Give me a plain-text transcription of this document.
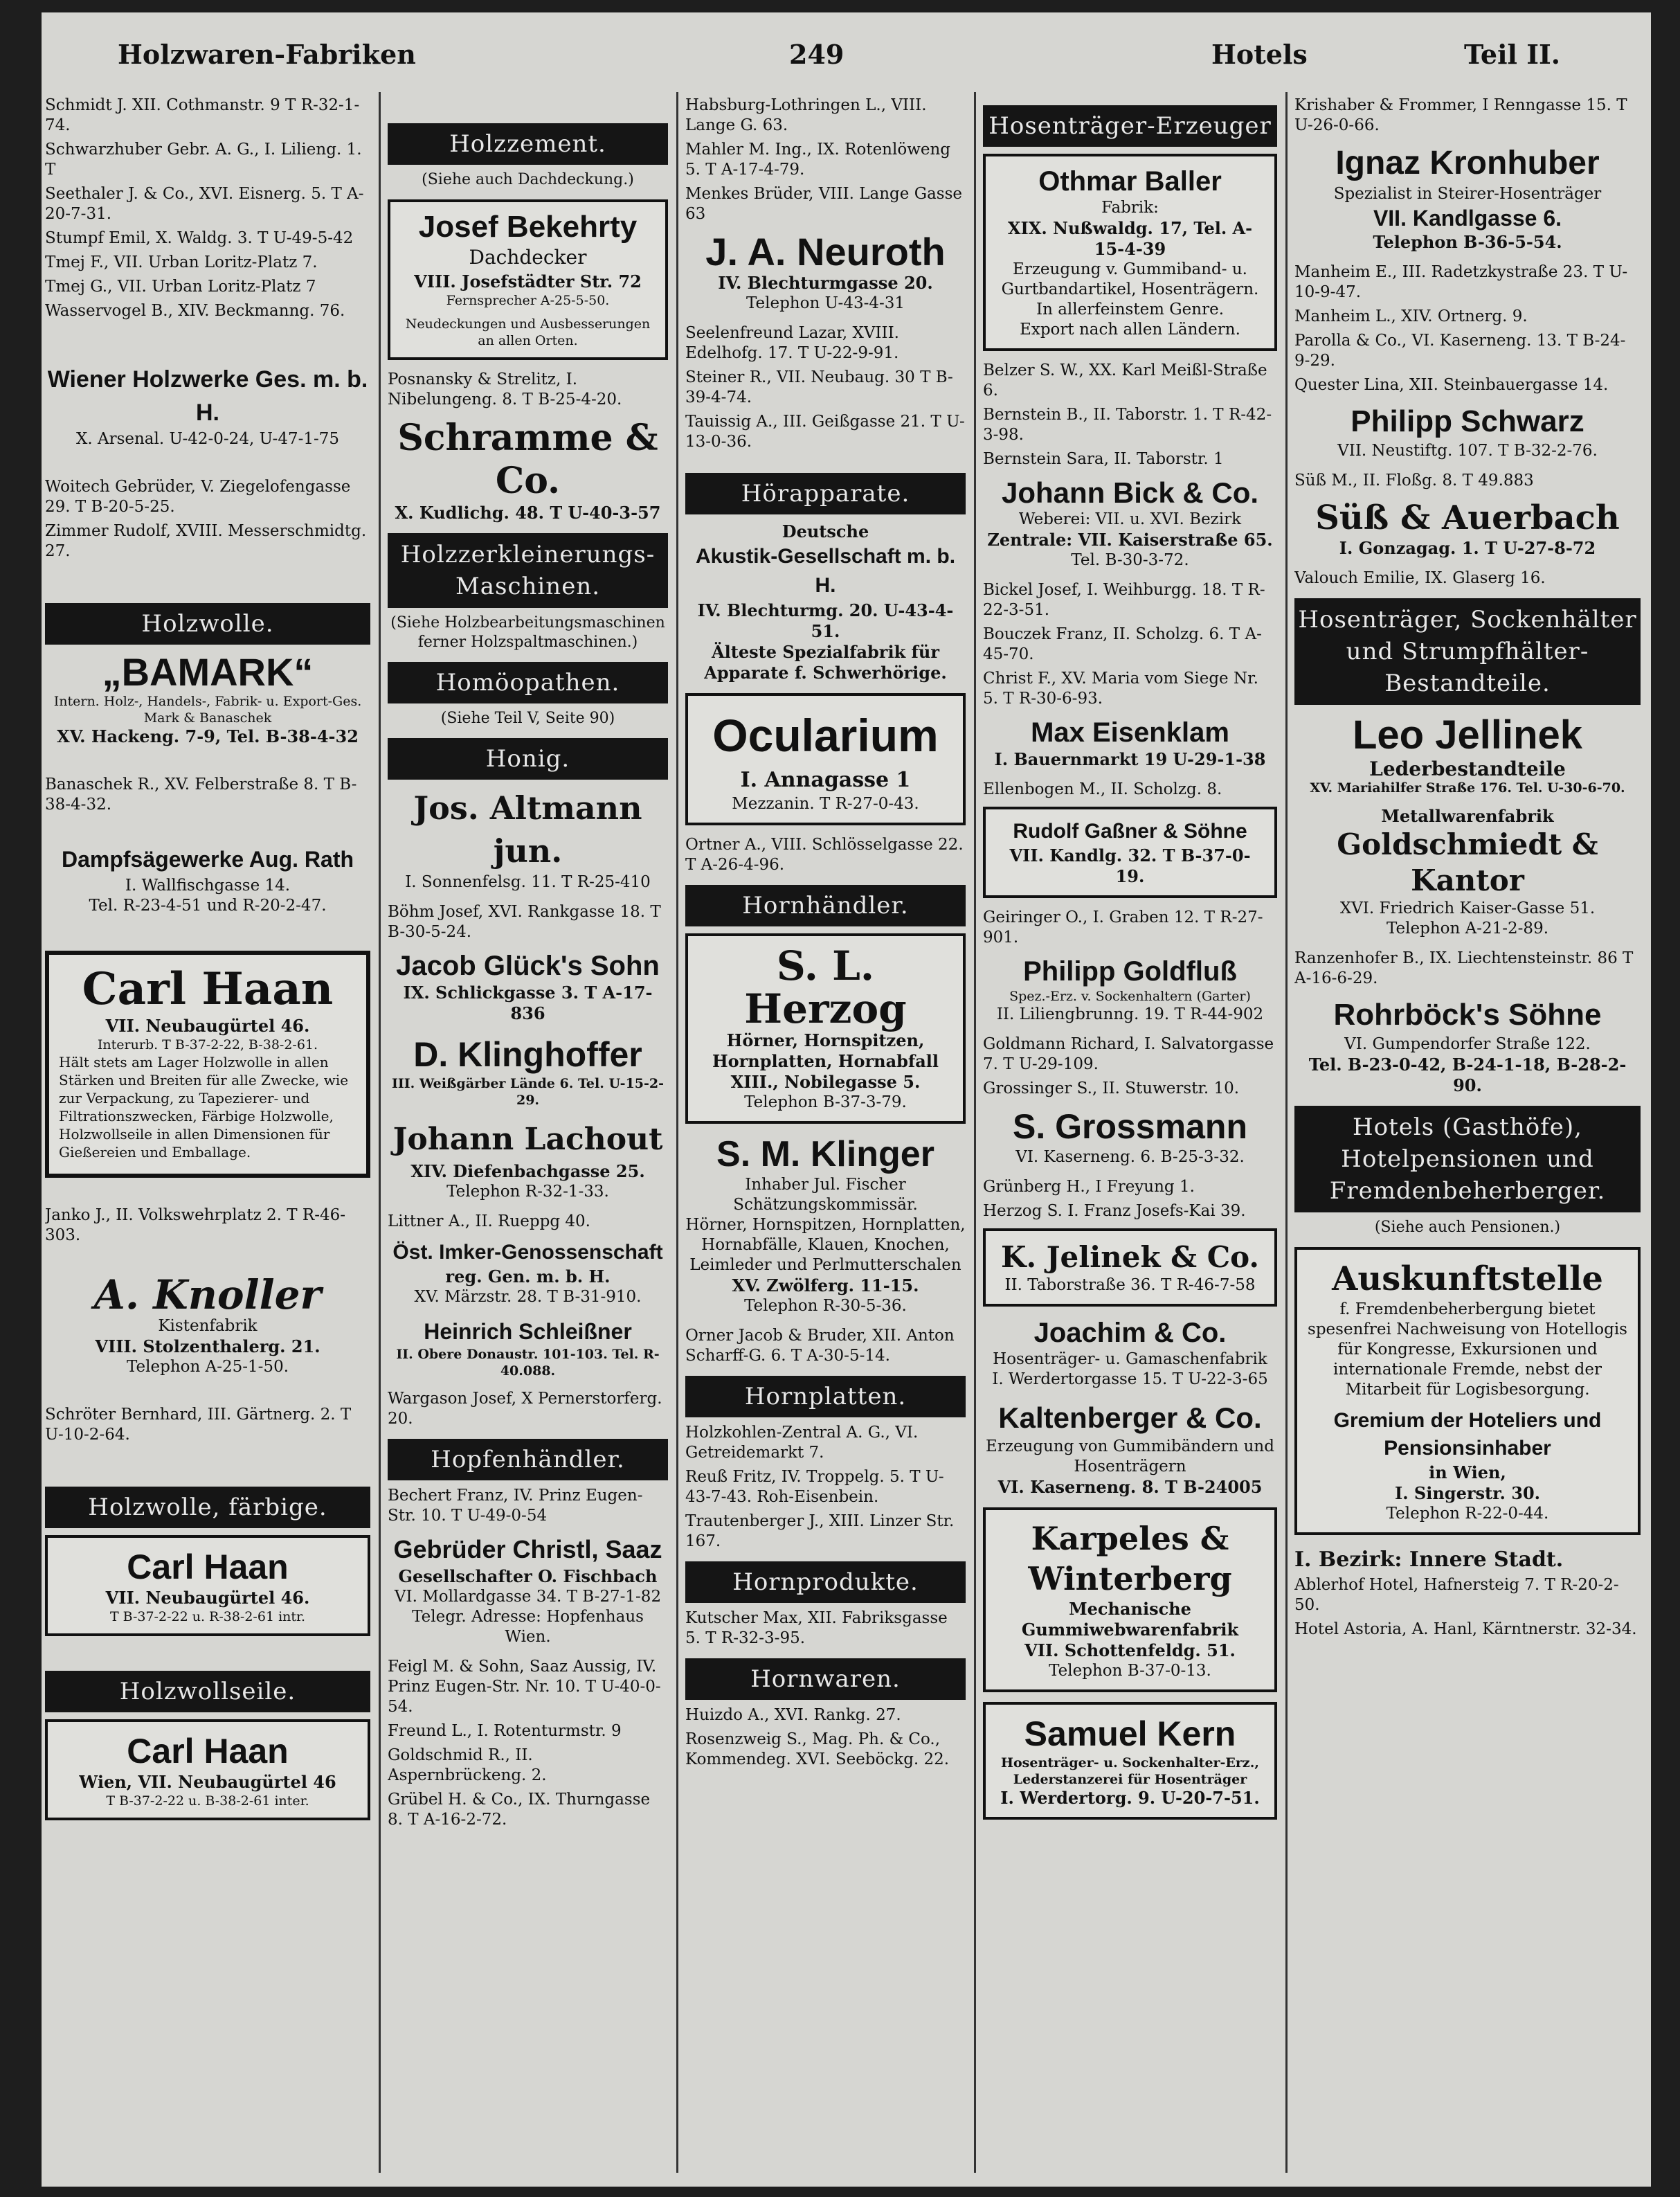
Holzwaren-Fabriken	249	Hotels	Teil II.
Schmidt J. XII. Cothmanstr. 9 T R-32-1-74.
Schwarzhuber Gebr. A. G., I. Lilieng. 1. T
Seethaler J. & Co., XVI. Eisnerg. 5. T A-20-7-31.
Stumpf Emil, X. Waldg. 3. T U-49-5-42
Tmej F., VII. Urban Loritz-Platz 7.
Tmej G., VII. Urban Loritz-Platz 7
Wasservogel B., XIV. Beckmanng. 76.
Wiener Holzwerke Ges. m. b. H.
X. Arsenal. U-42-0-24, U-47-1-75
Woitech Gebrüder, V. Ziegelofengasse 29. T B-20-5-25.
Zimmer Rudolf, XVIII. Messerschmidtg. 27.
Holzwolle.
„BAMARK“
Intern. Holz-, Handels-, Fabrik- u. Export-Ges. Mark & Banaschek
XV. Hackeng. 7-9, Tel. B-38-4-32
Banaschek R., XV. Felberstraße 8. T B-38-4-32.
Dampfsägewerke Aug. Rath
I. Wallfischgasse 14.
Tel. R-23-4-51 und R-20-2-47.
Carl Haan
VII. Neubaugürtel 46.
Interurb. T B-37-2-22, B-38-2-61.
Hält stets am Lager Holzwolle in allen Stärken und Breiten für alle Zwecke, wie zur Verpackung, zu Tapezierer- und Filtrationszwecken, Färbige Holzwolle, Holzwollseile in allen Dimensionen für Gießereien und Emballage.
Janko J., II. Volkswehrplatz 2. T R-46-303.
A. Knoller
Kistenfabrik
VIII. Stolzenthalerg. 21.
Telephon A-25-1-50.
Schröter Bernhard, III. Gärtnerg. 2. T U-10-2-64.
Holzwolle, färbige.
Carl Haan
VII. Neubaugürtel 46.
T B-37-2-22 u. R-38-2-61 intr.
Holzwollseile.
Carl Haan
Wien, VII. Neubaugürtel 46
T B-37-2-22 u. B-38-2-61 inter.
Holzzement.
(Siehe auch Dachdeckung.)
Josef Bekehrty
Dachdecker
VIII. Josefstädter Str. 72
Fernsprecher A-25-5-50.
Neudeckungen und Ausbesserungen an allen Orten.
Posnansky & Strelitz, I. Nibelungeng. 8. T B-25-4-20.
Schramme & Co.
X. Kudlichg. 48. T U-40-3-57
Holzzerkleinerungs-Maschinen.
(Siehe Holzbearbeitungsmaschinen ferner Holzspaltmaschinen.)
Homöopathen.
(Siehe Teil V, Seite 90)
Honig.
Jos. Altmann jun.
I. Sonnenfelsg. 11. T R-25-410
Böhm Josef, XVI. Rankgasse 18. T B-30-5-24.
Jacob Glück's Sohn
IX. Schlickgasse 3. T A-17-836
D. Klinghoffer
III. Weißgärber Lände 6. Tel. U-15-2-29.
Johann Lachout
XIV. Diefenbachgasse 25.
Telephon R-32-1-33.
Littner A., II. Rueppg 40.
Öst. Imker-Genossenschaft
reg. Gen. m. b. H.
XV. Märzstr. 28. T B-31-910.
Heinrich Schleißner
II. Obere Donaustr. 101-103. Tel. R-40.088.
Wargason Josef, X Pernerstorferg. 20.
Hopfenhändler.
Bechert Franz, IV. Prinz Eugen-Str. 10. T U-49-0-54
Gebrüder Christl, Saaz
Gesellschafter O. Fischbach
VI. Mollardgasse 34. T B-27-1-82
Telegr. Adresse: Hopfenhaus Wien.
Feigl M. & Sohn, Saaz Aussig, IV. Prinz Eugen-Str. Nr. 10. T U-40-0-54.
Freund L., I. Rotenturmstr. 9
Goldschmid R., II. Aspernbrückeng. 2.
Grübel H. & Co., IX. Thurngasse 8. T A-16-2-72.
Habsburg-Lothringen L., VIII. Lange G. 63.
Mahler M. Ing., IX. Rotenlöweng 5. T A-17-4-79.
Menkes Brüder, VIII. Lange Gasse 63
J. A. Neuroth
IV. Blechturmgasse 20.
Telephon U-43-4-31
Seelenfreund Lazar, XVIII. Edelhofg. 17. T U-22-9-91.
Steiner R., VII. Neubaug. 30 T B-39-4-74.
Tauissig A., III. Geißgasse 21. T U-13-0-36.
Hörapparate.
Deutsche
Akustik-Gesellschaft m. b. H.
IV. Blechturmg. 20. U-43-4-51.
Älteste Spezialfabrik für Apparate f. Schwerhörige.
Ocularium
I. Annagasse 1
Mezzanin. T R-27-0-43.
Ortner A., VIII. Schlösselgasse 22. T A-26-4-96.
Hornhändler.
S. L. Herzog
Hörner, Hornspitzen, Hornplatten, Hornabfall
XIII., Nobilegasse 5.
Telephon B-37-3-79.
S. M. Klinger
Inhaber Jul. Fischer
Schätzungskommissär.
Hörner, Hornspitzen, Hornplatten, Hornabfälle, Klauen, Knochen, Leimleder und Perlmutterschalen
XV. Zwölferg. 11-15.
Telephon R-30-5-36.
Orner Jacob & Bruder, XII. Anton Scharff-G. 6. T A-30-5-14.
Hornplatten.
Holzkohlen-Zentral A. G., VI. Getreidemarkt 7.
Reuß Fritz, IV. Troppelg. 5. T U-43-7-43. Roh-Eisenbein.
Trautenberger J., XIII. Linzer Str. 167.
Hornprodukte.
Kutscher Max, XII. Fabriksgasse 5. T R-32-3-95.
Hornwaren.
Huizdo A., XVI. Rankg. 27.
Rosenzweig S., Mag. Ph. & Co., Kommendeg. XVI. Seeböckg. 22.
Hosenträger-Erzeuger
Othmar Baller
Fabrik:
XIX. Nußwaldg. 17, Tel. A-15-4-39
Erzeugung v. Gummiband- u. Gurtbandartikel, Hosenträgern. In allerfeinstem Genre.
Export nach allen Ländern.
Belzer S. W., XX. Karl Meißl-Straße 6.
Bernstein B., II. Taborstr. 1. T R-42-3-98.
Bernstein Sara, II. Taborstr. 1
Johann Bick & Co.
Weberei: VII. u. XVI. Bezirk
Zentrale: VII. Kaiserstraße 65.
Tel. B-30-3-72.
Bickel Josef, I. Weihburgg. 18. T R-22-3-51.
Bouczek Franz, II. Scholzg. 6. T A-45-70.
Christ F., XV. Maria vom Siege Nr. 5. T R-30-6-93.
Max Eisenklam
I. Bauernmarkt 19 U-29-1-38
Ellenbogen M., II. Scholzg. 8.
Rudolf Gaßner & Söhne
VII. Kandlg. 32. T B-37-0-19.
Geiringer O., I. Graben 12. T R-27-901.
Philipp Goldfluß
Spez.-Erz. v. Sockenhaltern (Garter)
II. Liliengbrunng. 19. T R-44-902
Goldmann Richard, I. Salvatorgasse 7. T U-29-109.
Grossinger S., II. Stuwerstr. 10.
S. Grossmann
VI. Kaserneng. 6. B-25-3-32.
Grünberg H., I Freyung 1.
Herzog S. I. Franz Josefs-Kai 39.
K. Jelinek & Co.
II. Taborstraße 36. T R-46-7-58
Joachim & Co.
Hosenträger- u. Gamaschenfabrik
I. Werdertorgasse 15. T U-22-3-65
Kaltenberger & Co.
Erzeugung von Gummibändern und Hosenträgern
VI. Kaserneng. 8. T B-24005
Karpeles & Winterberg
Mechanische Gummiwebwarenfabrik
VII. Schottenfeldg. 51.
Telephon B-37-0-13.
Samuel Kern
Hosenträger- u. Sockenhalter-Erz., Lederstanzerei für Hosenträger
I. Werdertorg. 9. U-20-7-51.
Krishaber & Frommer, I Renngasse 15. T U-26-0-66.
Ignaz Kronhuber
Spezialist in Steirer-Hosenträger
VII. Kandlgasse 6.
Telephon B-36-5-54.
Manheim E., III. Radetzkystraße 23. T U-10-9-47.
Manheim L., XIV. Ortnerg. 9.
Parolla & Co., VI. Kaserneng. 13. T B-24-9-29.
Quester Lina, XII. Steinbauergasse 14.
Philipp Schwarz
VII. Neustiftg. 107. T B-32-2-76.
Süß M., II. Floßg. 8. T 49.883
Süß & Auerbach
I. Gonzagag. 1. T U-27-8-72
Valouch Emilie, IX. Glaserg 16.
Hosenträger, Sockenhälter und Strumpfhälter-Bestandteile.
Leo Jellinek
Lederbestandteile
XV. Mariahilfer Straße 176. Tel. U-30-6-70.
Metallwarenfabrik
Goldschmiedt & Kantor
XVI. Friedrich Kaiser-Gasse 51.
Telephon A-21-2-89.
Ranzenhofer B., IX. Liechtensteinstr. 86 T A-16-6-29.
Rohrböck's Söhne
VI. Gumpendorfer Straße 122.
Tel. B-23-0-42, B-24-1-18, B-28-2-90.
Hotels (Gasthöfe), Hotelpensionen und Fremdenbeherberger.
(Siehe auch Pensionen.)
Auskunftstelle
f. Fremdenbeherbergung bietet spesenfrei Nachweisung von Hotellogis für Kongresse, Exkursionen und internationale Fremde, nebst der Mitarbeit für Logisbesorgung.
Gremium der Hoteliers und Pensionsinhaber
in Wien,
I. Singerstr. 30.
Telephon R-22-0-44.
I. Bezirk: Innere Stadt.
Ablerhof Hotel, Hafnersteig 7. T R-20-2-50.
Hotel Astoria, A. Hanl, Kärntnerstr. 32-34.
